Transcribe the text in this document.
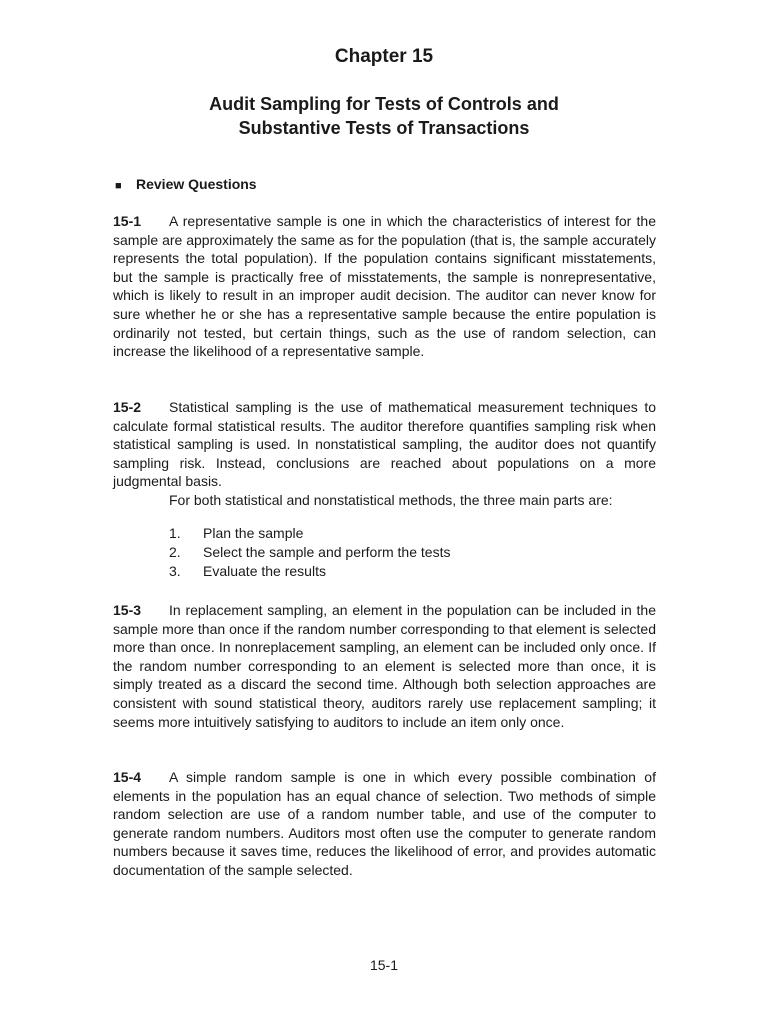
Chapter 15
Audit Sampling for Tests of Controls and
Substantive Tests of Transactions
■ Review Questions
15-1 A representative sample is one in which the characteristics of interest for the sample are approximately the same as for the population (that is, the sample accurately represents the total population). If the population contains significant misstatements, but the sample is practically free of misstatements, the sample is nonrepresentative, which is likely to result in an improper audit decision. The auditor can never know for sure whether he or she has a representative sample because the entire population is ordinarily not tested, but certain things, such as the use of random selection, can increase the likelihood of a representative sample.
15-2 Statistical sampling is the use of mathematical measurement techniques to calculate formal statistical results. The auditor therefore quantifies sampling risk when statistical sampling is used. In nonstatistical sampling, the auditor does not quantify sampling risk. Instead, conclusions are reached about populations on a more judgmental basis.

For both statistical and nonstatistical methods, the three main parts are:

1. Plan the sample
2. Select the sample and perform the tests
3. Evaluate the results
15-3 In replacement sampling, an element in the population can be included in the sample more than once if the random number corresponding to that element is selected more than once. In nonreplacement sampling, an element can be included only once. If the random number corresponding to an element is selected more than once, it is simply treated as a discard the second time. Although both selection approaches are consistent with sound statistical theory, auditors rarely use replacement sampling; it seems more intuitively satisfying to auditors to include an item only once.
15-4 A simple random sample is one in which every possible combination of elements in the population has an equal chance of selection. Two methods of simple random selection are use of a random number table, and use of the computer to generate random numbers. Auditors most often use the computer to generate random numbers because it saves time, reduces the likelihood of error, and provides automatic documentation of the sample selected.
15-1
